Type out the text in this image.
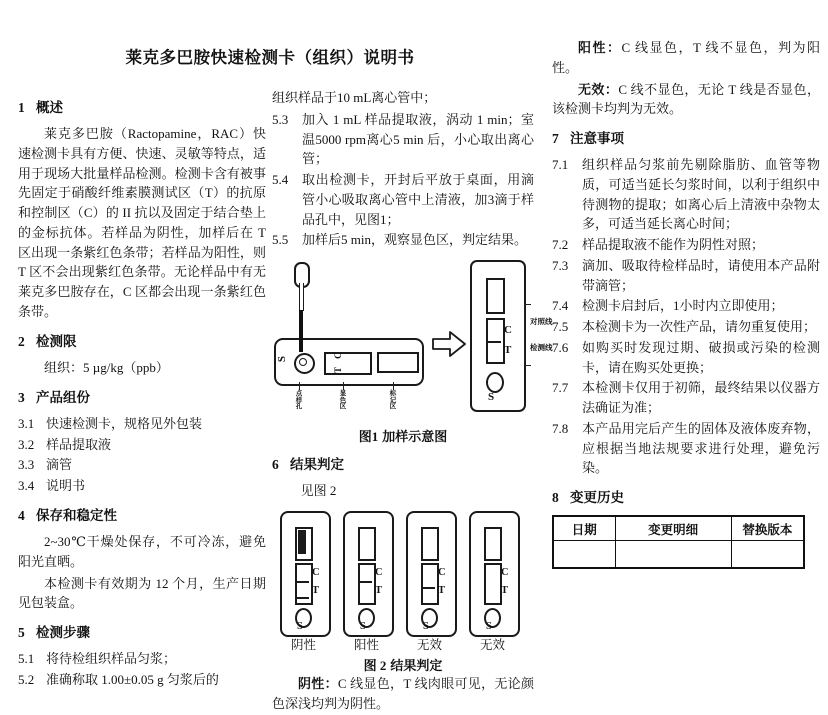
莱克多巴胺快速检测卡（组织）说明书
1 概述

莱克多巴胺（Ractopamine，RAC）快速检测卡具有方便、快速、灵敏等特点，适用于现场大批量样品检测。检测卡含有被事先固定于硝酸纤维素膜测试区（T）的抗原和控制区（C）的 II 抗以及固定于结合垫上的金标抗体。若样品为阴性，加样后在 T 区出现一条紫红色条带；若样品为阳性，则 T 区不会出现紫红色条带。无论样品中有无莱克多巴胺存在，C 区都会出现一条紫红色条带。

2 检测限

组织：5 µg/kg（ppb）

3 产品组份
3.1 快速检测卡，规格见外包装
3.2 样品提取液
3.3 滴管
3.4 说明书
4 保存和稳定性

2~30℃干燥处保存，不可冷冻，避免阳光直晒。

本检测卡有效期为 12 个月，生产日期见包装盒。

5 检测步骤
5.1 将待检组织样品匀浆；
5.2 准确称取 1.00±0.05 g 匀浆后的

组织样品于10 mL离心管中；

5.3	加入 1 mL 样品提取液，涡动 1 min；室温5000 rpm离心5 min 后，小心取出离心管；
5.4	取出检测卡，开封后平放于桌面，用滴管小心吸取离心管中上清液，加3滴于样品孔中，见图1；
5.5	加样后5 min，观察显色区，判定结果。
S	T C
点样孔
显色区
标记区
C
T
S
对照线
检测线
图1 加样示意图
6 结果判定

见图 2

C
T
S
阴性
C
T
S
阳性
C
T
S
无效
C
T
S
无效
图 2 结果判定

阴性：C 线显色，T 线肉眼可见，无论颜色深浅均判为阴性。

阳性：C 线显色，T 线不显色，判为阳性。

无效：C 线不显色，无论 T 线是否显色，该检测卡均判为无效。

7 注意事项
7.1	组织样品匀浆前先剔除脂肪、血管等物质，可适当延长匀浆时间，以利于组织中待测物的提取；如离心后上清液中杂物太多，可适当延长离心时间；
7.2	样品提取液不能作为阴性对照；
7.3	滴加、吸取待检样品时，请使用本产品附带滴管；
7.4	检测卡启封后，1小时内立即使用；
7.5	本检测卡为一次性产品，请勿重复使用；
7.6	如购买时发现过期、破损或污染的检测卡，请在购买处更换；
7.7	本检测卡仅用于初筛，最终结果以仪器方法确证为准；
7.8	本产品用完后产生的固体及液体废弃物，应根据当地法规要求进行处理，避免污染。
8 变更历史
日期	变更明细	替换版本
